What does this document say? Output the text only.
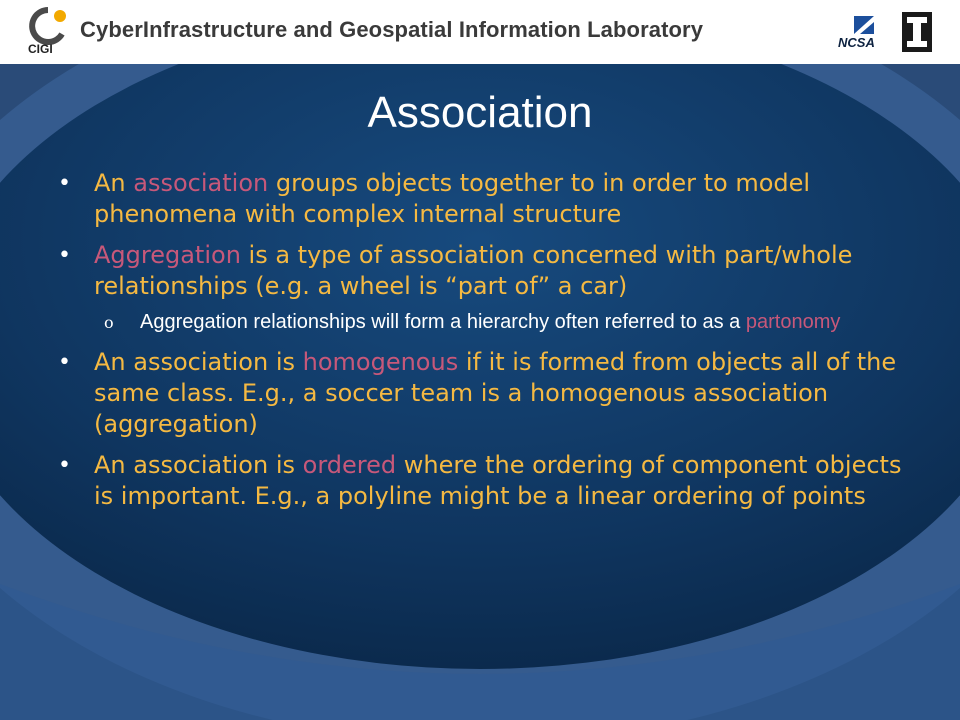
CIGI
CyberInfrastructure and Geospatial Information Laboratory
NCSA
Association
• An association groups objects together to in order to model phenomena with complex internal structure
• Aggregation is a type of association concerned with part/whole relationships (e.g. a wheel is “part of” a car)
o Aggregation relationships will form a hierarchy often referred to as a partonomy
• An association is homogenous if it is formed from objects all of the same class. E.g., a soccer team is a homogenous association (aggregation)
• An association is ordered where the ordering of component objects is important. E.g., a polyline might be a linear ordering of points
